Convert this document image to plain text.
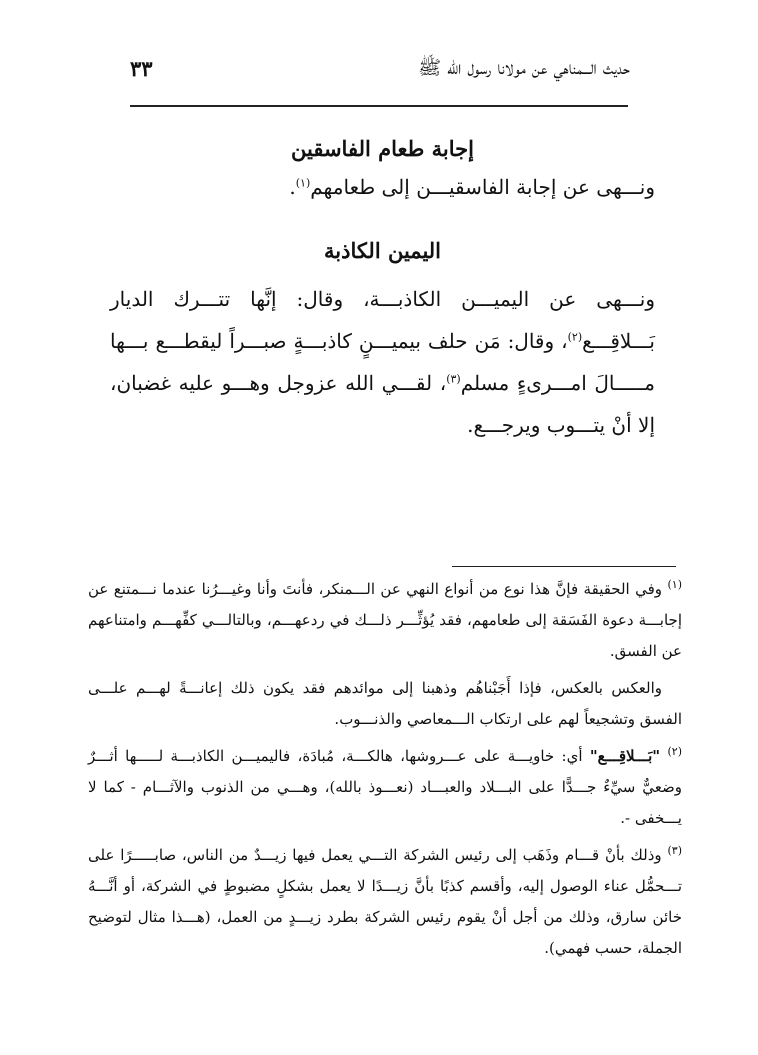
حديث الـــمناهي عن مولانا رسول الله ﷺ
٣٣
إجابة طعام الفاسقين
ونـــهى عن إجابة الفاسقيـــن إلى طعامهم$^{(١)}$.
اليمين الكاذبة
ونـــهى عن اليميـــن الكاذبـــة، وقال: إنَّها تتـــرك الديار بَـــلاقِـــع$^{(٢)}$، وقال: مَن حلف بيميـــنٍ كاذبـــةٍ صبـــراً ليقطـــع بـــها مـــــالَ امـــرىءٍ مسلم$^{(٣)}$، لقـــي الله عزوجل وهـــو عليه غضبان، إلا أنْ يتـــوب ويرجـــع.
$^{(١)}$ وفي الحقيقة فإنَّ هذا نوع من أنواع النهي عن الـــمنكر، فأنتَ وأنا وغيـــرُنا عندما نـــمتنع عن إجابـــة دعوة الفَسَقة إلى طعامهم، فقد يُؤثِّـــر ذلـــك في ردعهـــم، وبالتالـــي كفِّهـــم وامتناعهم عن الفسق.
والعكس بالعكس، فإذا أَجَبْناهُم وذهبنا إلى موائدهم فقد يكون ذلك إعانـــةً لهـــم علـــى الفسق وتشجيعاً لهم على ارتكاب الـــمعاصي والذنـــوب.
$^{(٢)}$ "بَـــلاقِـــع" أي: خاويـــة على عـــروشها، هالكـــة، مُبادَة، فاليميـــن الكاذبـــة لـــــها أثـــرٌ وضعيٌّ سيِّءٌ جـــدًّا على البـــلاد والعبـــاد (نعـــوذ بالله)، وهـــي من الذنوب والآثـــام - كما لا يـــخفى -.
$^{(٣)}$ وذلك بأنْ قـــام وذَهَب إلى رئيس الشركة التـــي يعمل فيها زيـــدٌ من الناس، صابـــــرًا على تـــحمُّل عناء الوصول إليه، وأقسم كذبًا بأنَّ زيـــدًا لا يعمل بشكلٍ مضبوطٍ في الشركة، أو أنَّـــهُ خائن سارق، وذلك من أجل أنْ يقوم رئيس الشركة بطرد زيـــدٍ من العمل، (هـــذا مثال لتوضيح الجملة، حسب فهمي).
